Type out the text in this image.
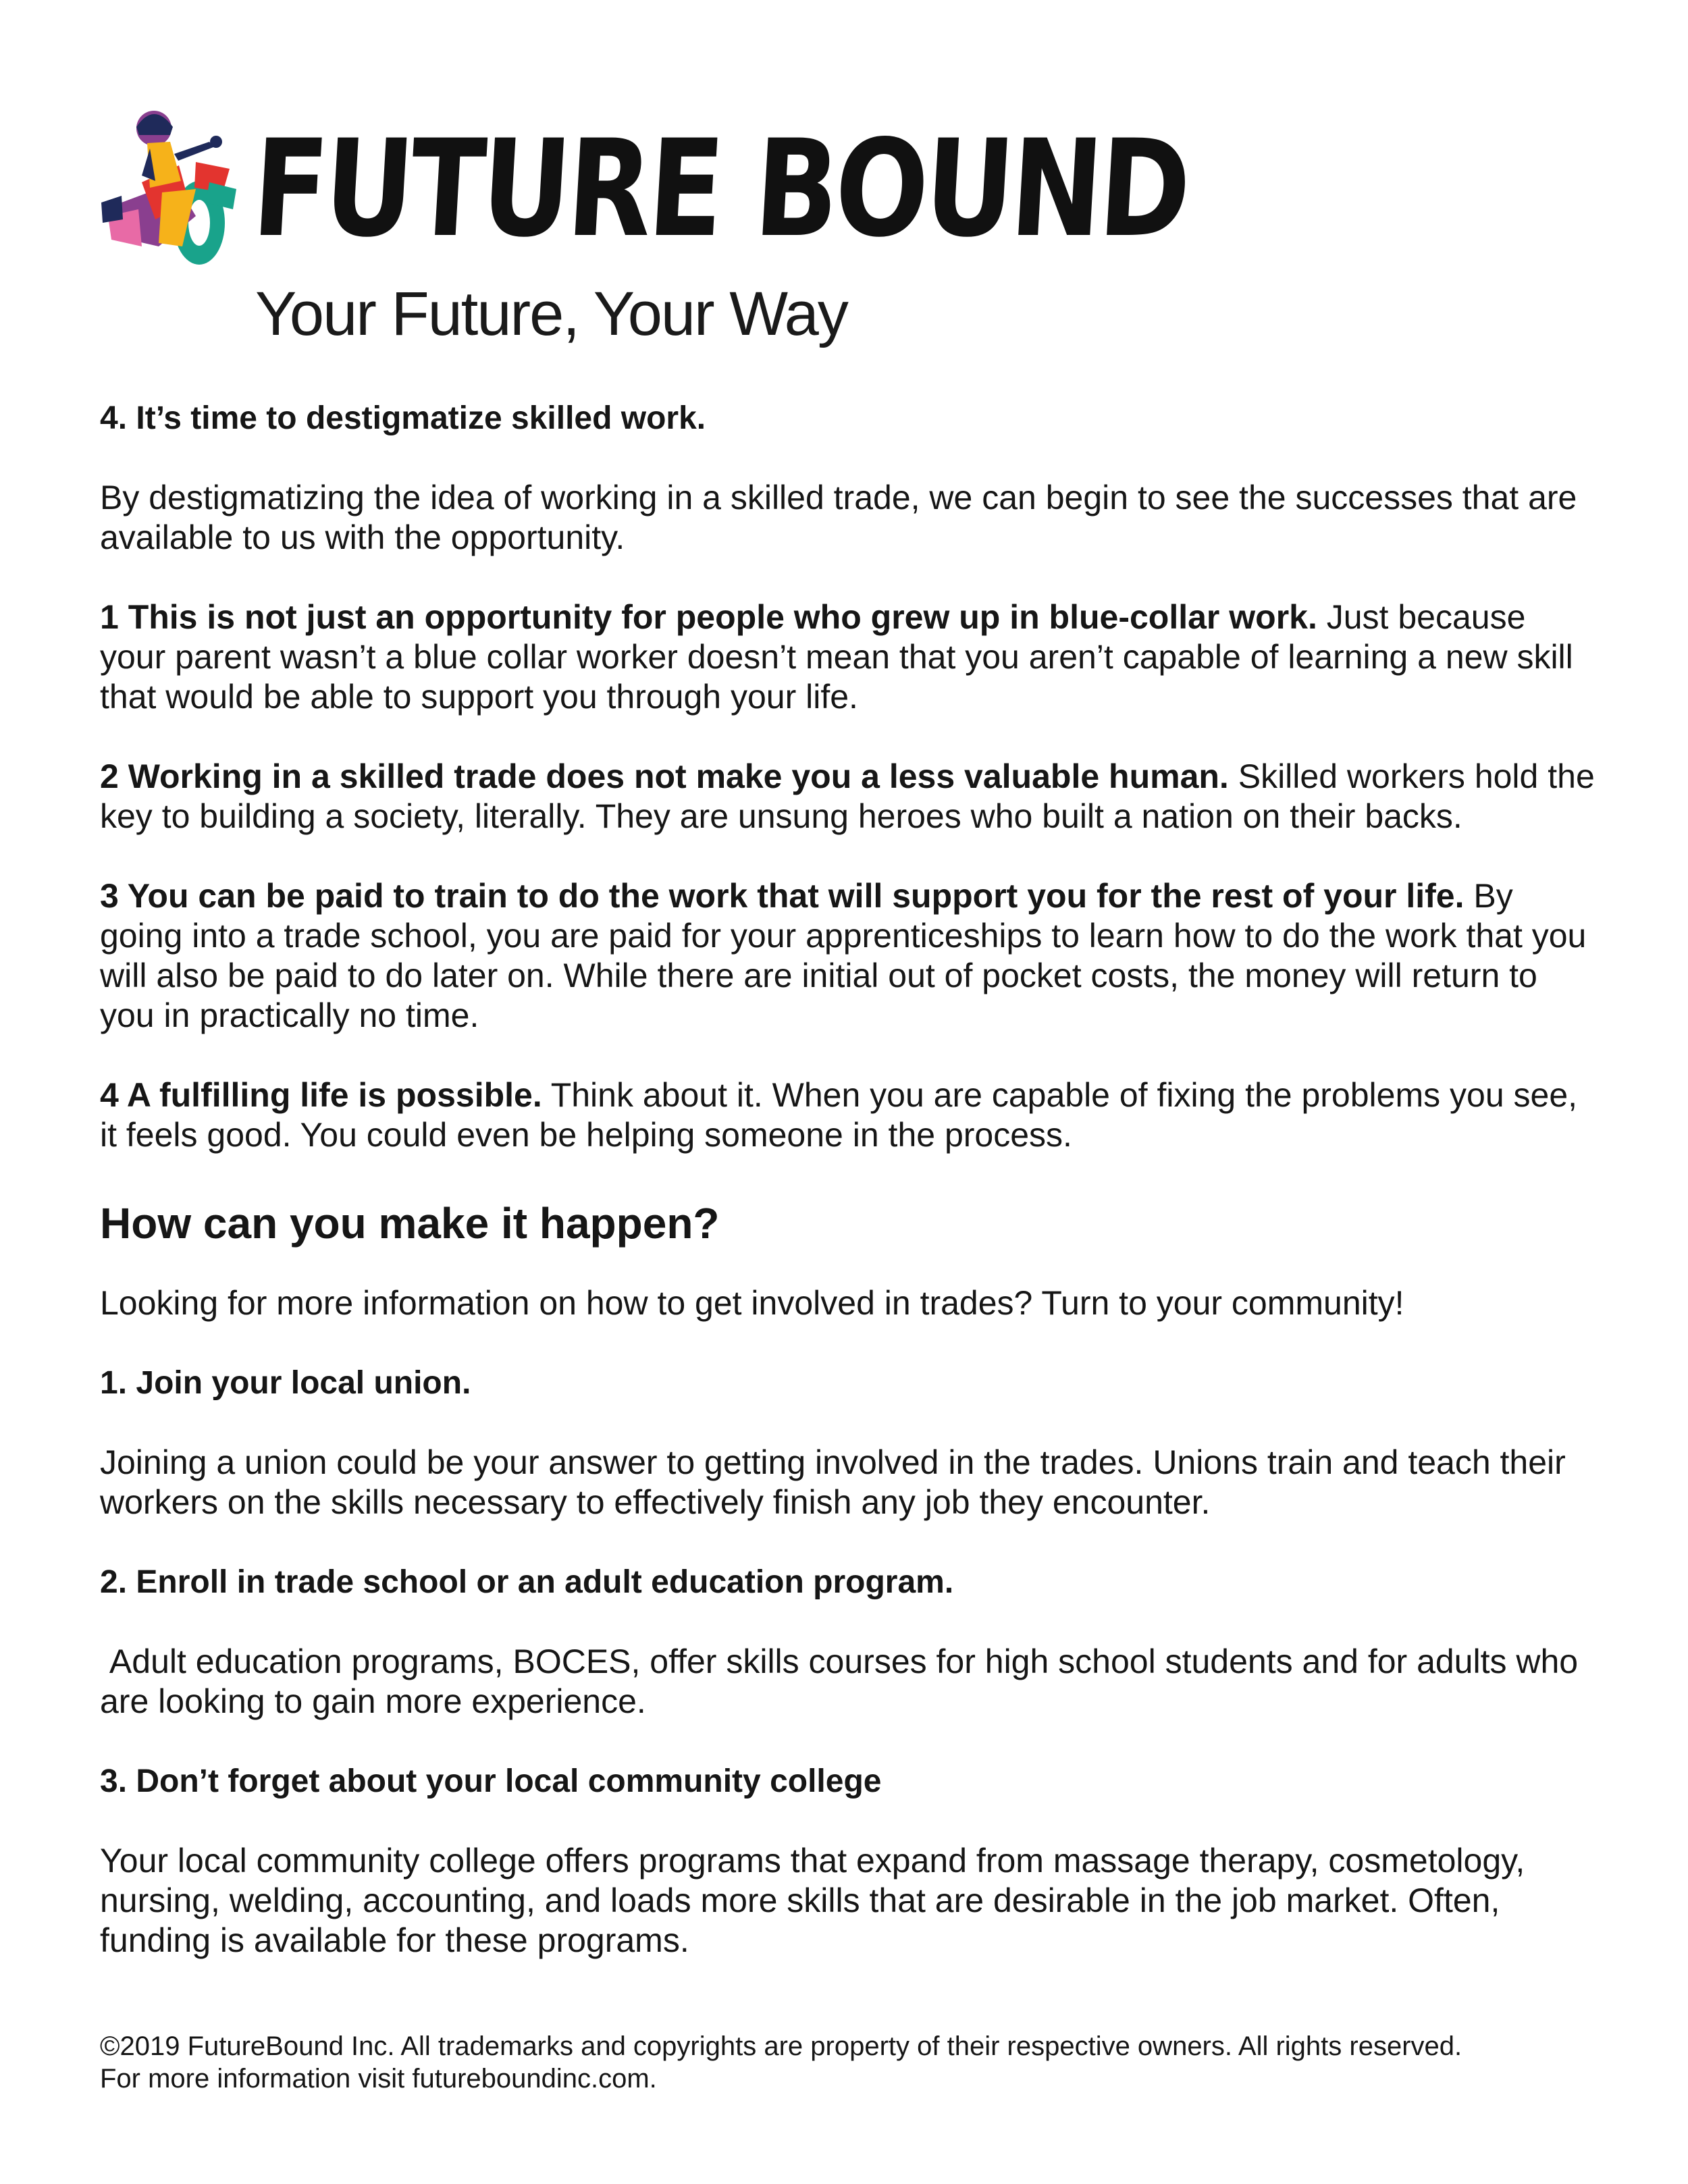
FUTURE BOUND
Your Future, Your Way

4. It’s time to destigmatize skilled work.

By destigmatizing the idea of working in a skilled trade, we can begin to see the successes that are available to us with the opportunity.

1 This is not just an opportunity for people who grew up in blue-collar work. Just because your parent wasn’t a blue collar worker doesn’t mean that you aren’t capable of learning a new skill that would be able to support you through your life.

2 Working in a skilled trade does not make you a less valuable human. Skilled workers hold the key to building a society, literally. They are unsung heroes who built a nation on their backs.

3 You can be paid to train to do the work that will support you for the rest of your life. By going into a trade school, you are paid for your apprenticeships to learn how to do the work that you will also be paid to do later on. While there are initial out of pocket costs, the money will return to you in practically no time.

4 A fulfilling life is possible. Think about it. When you are capable of fixing the problems you see, it feels good. You could even be helping someone in the process.

How can you make it happen?

Looking for more information on how to get involved in trades? Turn to your community!

1. Join your local union.

Joining a union could be your answer to getting involved in the trades. Unions train and teach their workers on the skills necessary to effectively finish any job they encounter.

2. Enroll in trade school or an adult education program.

Adult education programs, BOCES, offer skills courses for high school students and for adults who are looking to gain more experience.

3. Don’t forget about your local community college

Your local community college offers programs that expand from massage therapy, cosmetology, nursing, welding, accounting, and loads more skills that are desirable in the job market. Often, funding is available for these programs.

©2019 FutureBound Inc. All trademarks and copyrights are property of their respective owners. All rights reserved.

For more information visit futureboundinc.com.
